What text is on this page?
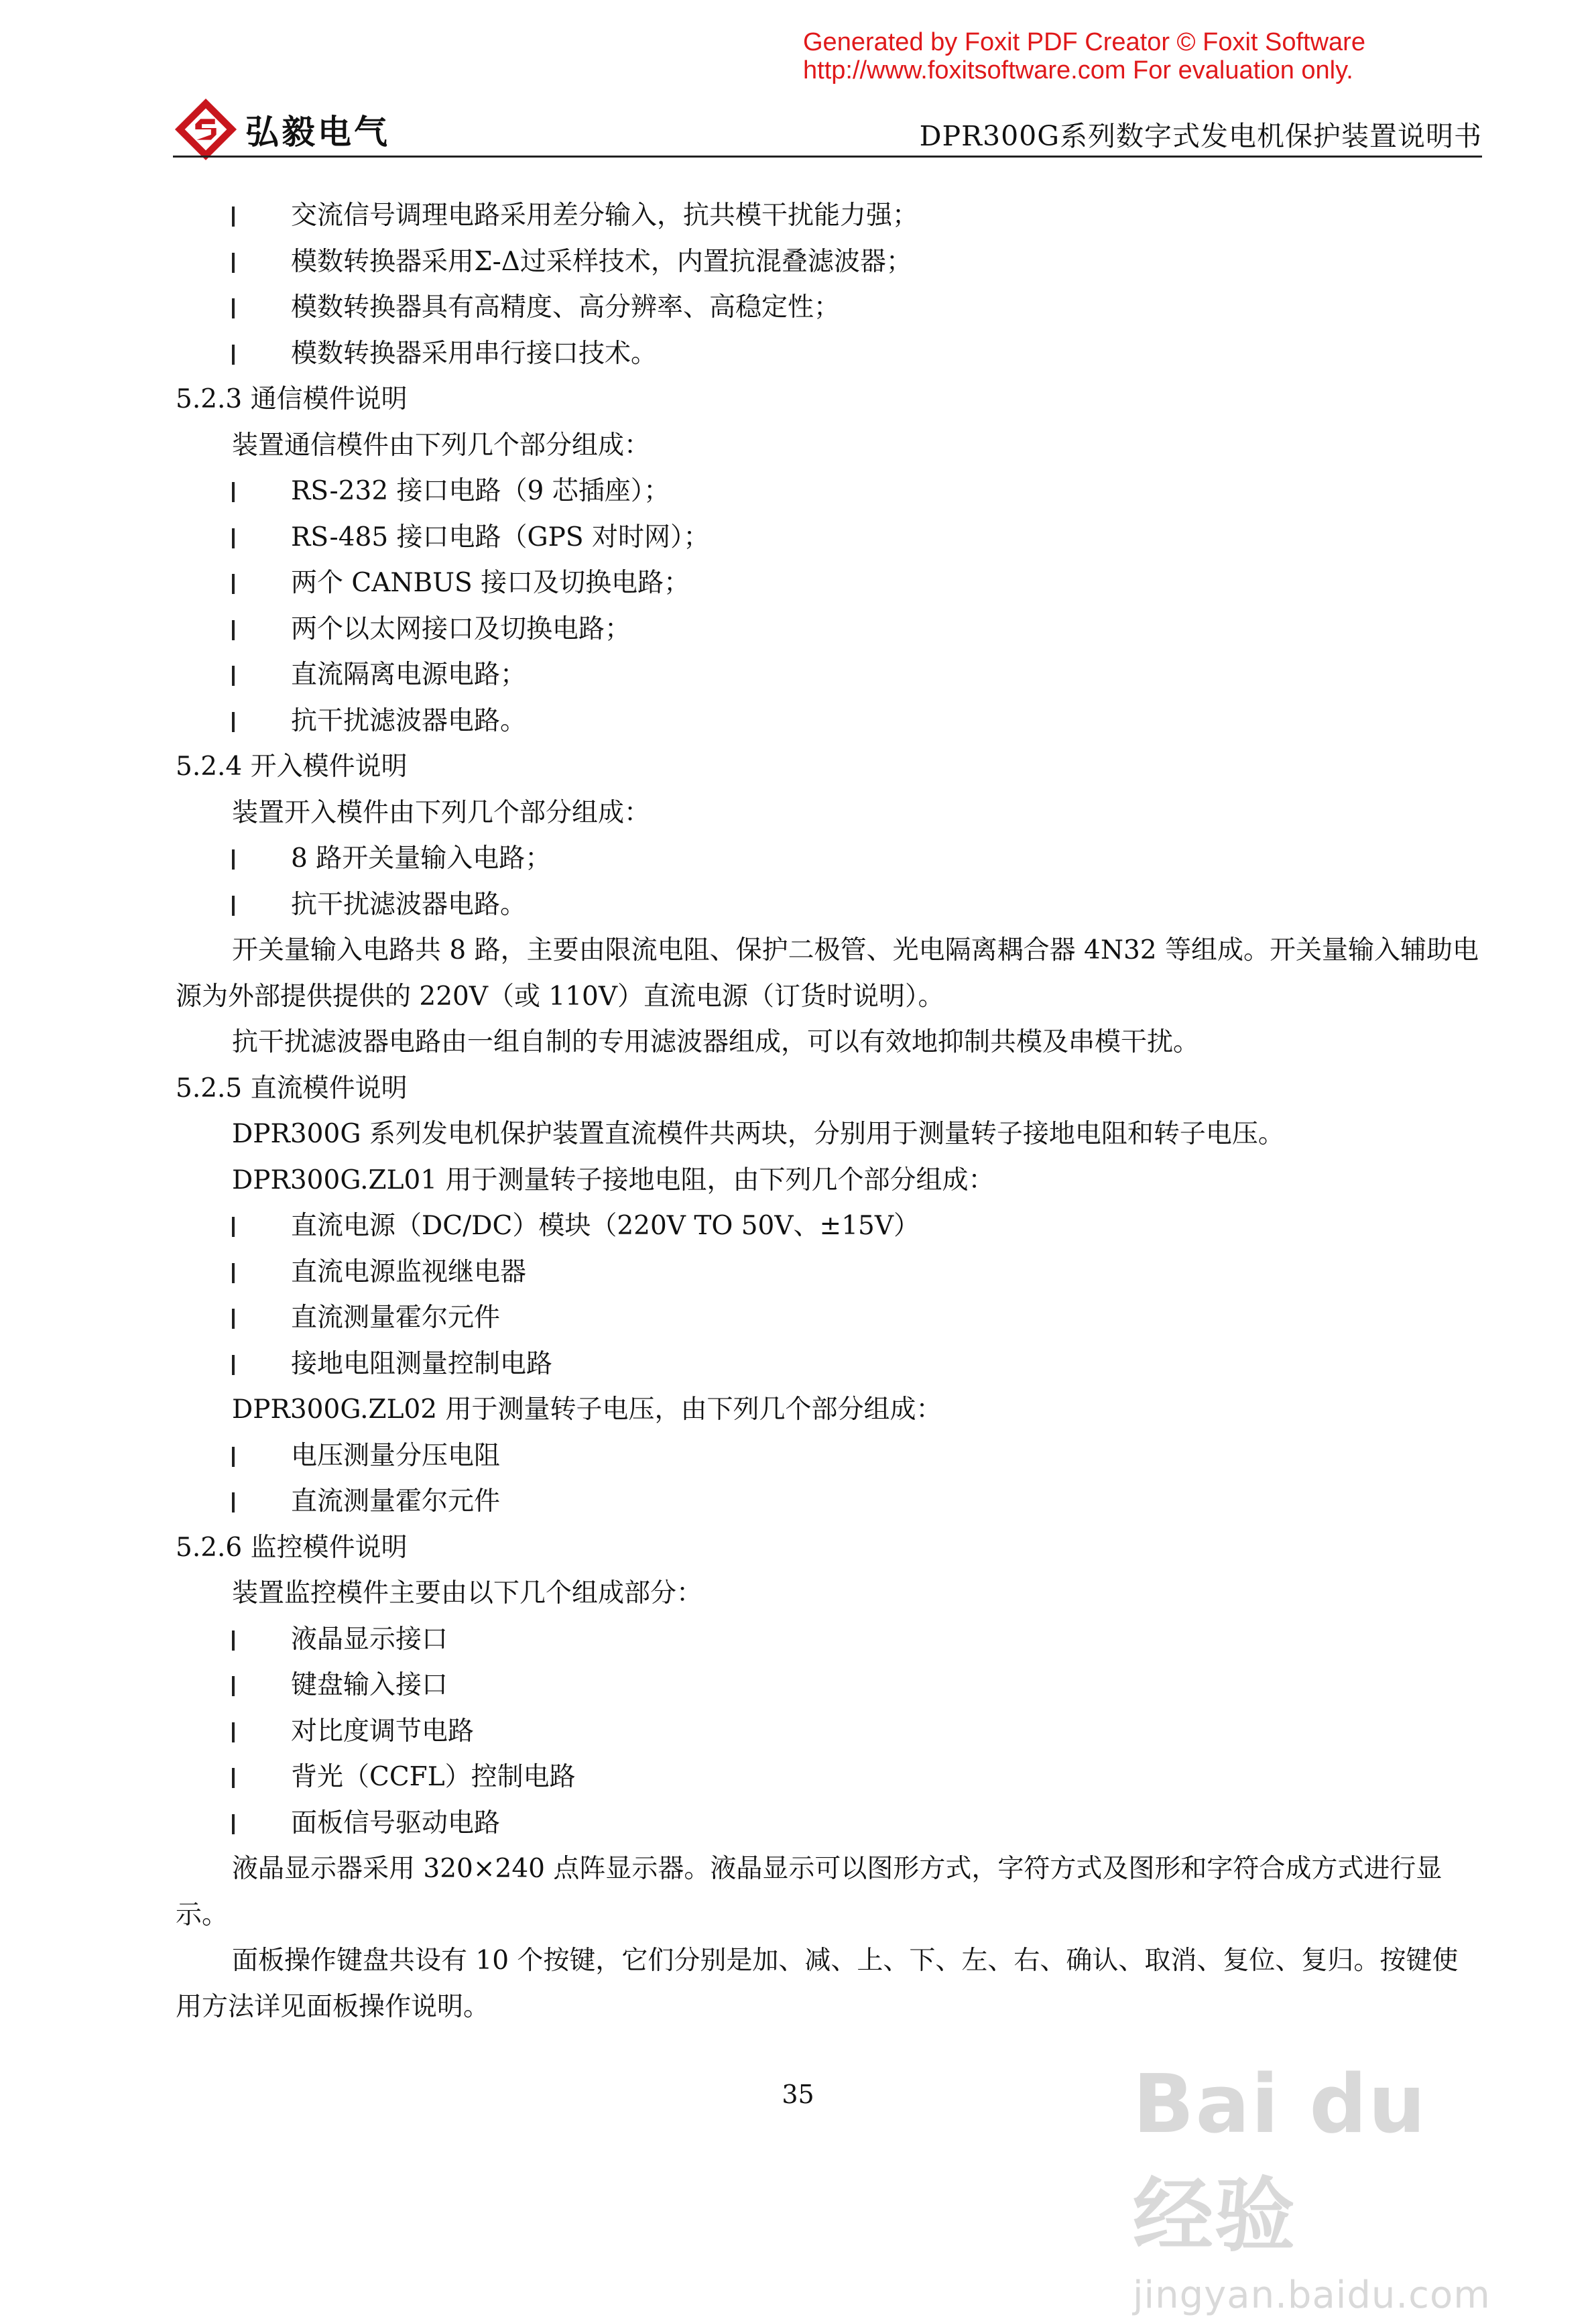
Generated by Foxit PDF Creator © Foxit Software
http://www.foxitsoftware.com For evaluation only.
弘毅电气	DPR300G系列数字式发电机保护装置说明书
交流信号调理电路采用差分输入，抗共模干扰能力强；
模数转换器采用Σ-Δ过采样技术，内置抗混叠滤波器；
模数转换器具有高精度、高分辨率、高稳定性；
模数转换器采用串行接口技术。
5.2.3 通信模件说明
装置通信模件由下列几个部分组成：
RS-232 接口电路（9 芯插座）；
RS-485 接口电路（GPS 对时网）；
两个 CANBUS 接口及切换电路；
两个以太网接口及切换电路；
直流隔离电源电路；
抗干扰滤波器电路。
5.2.4 开入模件说明
装置开入模件由下列几个部分组成：
8 路开关量输入电路；
抗干扰滤波器电路。
开关量输入电路共 8 路，主要由限流电阻、保护二极管、光电隔离耦合器 4N32 等组成。开关量输入辅助电源为外部提供提供的 220V（或 110V）直流电源（订货时说明）。
抗干扰滤波器电路由一组自制的专用滤波器组成，可以有效地抑制共模及串模干扰。
5.2.5 直流模件说明
DPR300G 系列发电机保护装置直流模件共两块，分别用于测量转子接地电阻和转子电压。
DPR300G.ZL01 用于测量转子接地电阻，由下列几个部分组成：
直流电源（DC/DC）模块（220V TO 50V、±15V）
直流电源监视继电器
直流测量霍尔元件
接地电阻测量控制电路
DPR300G.ZL02 用于测量转子电压，由下列几个部分组成：
电压测量分压电阻
直流测量霍尔元件
5.2.6 监控模件说明
装置监控模件主要由以下几个组成部分：
液晶显示接口
键盘输入接口
对比度调节电路
背光（CCFL）控制电路
面板信号驱动电路
液晶显示器采用 320×240 点阵显示器。液晶显示可以图形方式，字符方式及图形和字符合成方式进行显示。
面板操作键盘共设有 10 个按键，它们分别是加、减、上、下、左、右、确认、取消、复位、复归。按键使用方法详见面板操作说明。
35	Bai du 经验
jingyan.baidu.com
